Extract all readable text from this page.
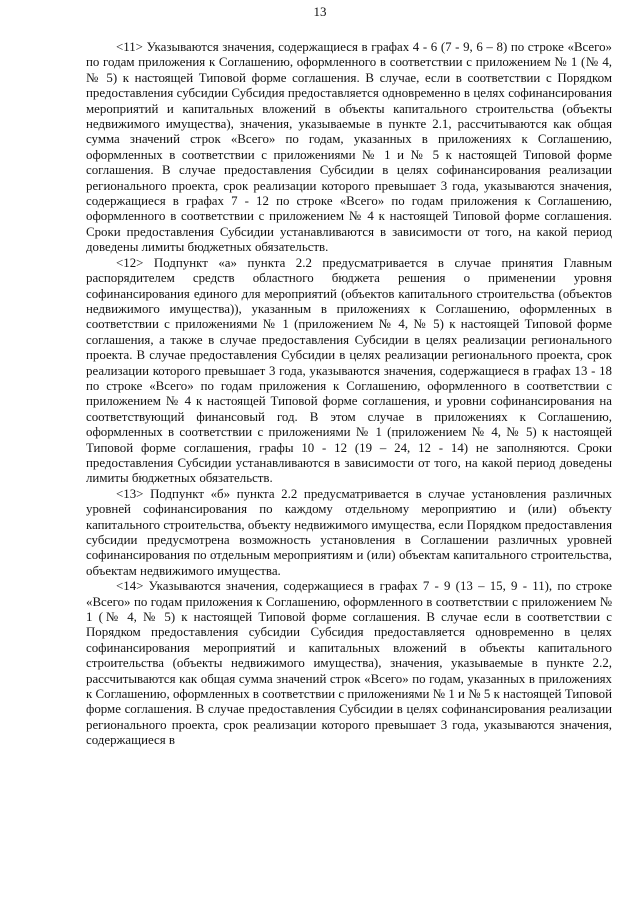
13

<11> Указываются значения, содержащиеся в графах 4 - 6 (7 - 9, 6 – 8) по строке «Всего» по годам приложения к Соглашению, оформленного в соответствии с приложением № 1 (№ 4, № 5) к настоящей Типовой форме соглашения. В случае, если в соответствии с Порядком предоставления субсидии Субсидия предоставляется одновременно в целях софинансирования мероприятий и капитальных вложений в объекты капитального строительства (объекты недвижимого имущества), значения, указываемые в пункте 2.1, рассчитываются как общая сумма значений строк «Всего» по годам, указанных в приложениях к Соглашению, оформленных в соответствии с приложениями № 1 и № 5 к настоящей Типовой форме соглашения. В случае предоставления Субсидии в целях софинансирования реализации регионального проекта, срок реализации которого превышает 3 года, указываются значения, содержащиеся в графах 7 - 12 по строке «Всего» по годам приложения к Соглашению, оформленного в соответствии с приложением № 4 к настоящей Типовой форме соглашения. Сроки предоставления Субсидии устанавливаются в зависимости от того, на какой период доведены лимиты бюджетных обязательств.

<12> Подпункт «а» пункта 2.2 предусматривается в случае принятия Главным распорядителем средств областного бюджета решения о применении уровня софинансирования единого для мероприятий (объектов капитального строительства (объектов недвижимого имущества)), указанным в приложениях к Соглашению, оформленных в соответствии с приложениями № 1 (приложением № 4, № 5) к настоящей Типовой форме соглашения, а также в случае предоставления Субсидии в целях реализации регионального проекта. В случае предоставления Субсидии в целях реализации регионального проекта, срок реализации которого превышает 3 года, указываются значения, содержащиеся в графах 13 - 18 по строке «Всего» по годам приложения к Соглашению, оформленного в соответствии с приложением № 4 к настоящей Типовой форме соглашения, и уровни софинансирования на соответствующий финансовый год. В этом случае в приложениях к Соглашению, оформленных в соответствии с приложениями № 1 (приложением № 4, № 5) к настоящей Типовой форме соглашения, графы 10 - 12 (19 – 24, 12 - 14) не заполняются. Сроки предоставления Субсидии устанавливаются в зависимости от того, на какой период доведены лимиты бюджетных обязательств.

<13> Подпункт «б» пункта 2.2 предусматривается в случае установления различных уровней софинансирования по каждому отдельному мероприятию и (или) объекту капитального строительства, объекту недвижимого имущества, если Порядком предоставления субсидии предусмотрена возможность установления в Соглашении различных уровней софинансирования по отдельным мероприятиям и (или) объектам капитального строительства, объектам недвижимого имущества.

<14> Указываются значения, содержащиеся в графах 7 - 9 (13 – 15, 9 - 11), по строке «Всего» по годам приложения к Соглашению, оформленного в соответствии с приложением № 1 (№ 4, № 5) к настоящей Типовой форме соглашения. В случае если в соответствии с Порядком предоставления субсидии Субсидия предоставляется одновременно в целях софинансирования мероприятий и капитальных вложений в объекты капитального строительства (объекты недвижимого имущества), значения, указываемые в пункте 2.2, рассчитываются как общая сумма значений строк «Всего» по годам, указанных в приложениях к Соглашению, оформленных в соответствии с приложениями № 1 и № 5 к настоящей Типовой форме соглашения. В случае предоставления Субсидии в целях софинансирования реализации регионального проекта, срок реализации которого превышает 3 года, указываются значения, содержащиеся в
